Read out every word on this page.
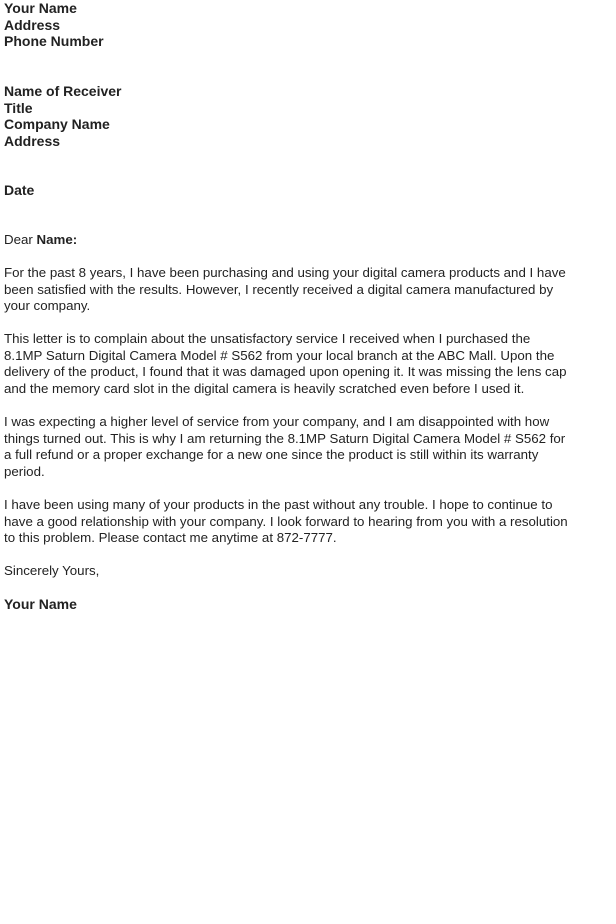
Your Name
Address
Phone Number
Name of Receiver
Title
Company Name
Address
Date
Dear Name:
For the past 8 years, I have been purchasing and using your digital camera products and I have
been satisfied with the results. However, I recently received a digital camera manufactured by
your company.
This letter is to complain about the unsatisfactory service I received when I purchased the
8.1MP Saturn Digital Camera Model # S562 from your local branch at the ABC Mall. Upon the
delivery of the product, I found that it was damaged upon opening it. It was missing the lens cap
and the memory card slot in the digital camera is heavily scratched even before I used it.
I was expecting a higher level of service from your company, and I am disappointed with how
things turned out. This is why I am returning the 8.1MP Saturn Digital Camera Model # S562 for
a full refund or a proper exchange for a new one since the product is still within its warranty
period.
I have been using many of your products in the past without any trouble. I hope to continue to
have a good relationship with your company. I look forward to hearing from you with a resolution
to this problem. Please contact me anytime at 872-7777.
Sincerely Yours,
Your Name
